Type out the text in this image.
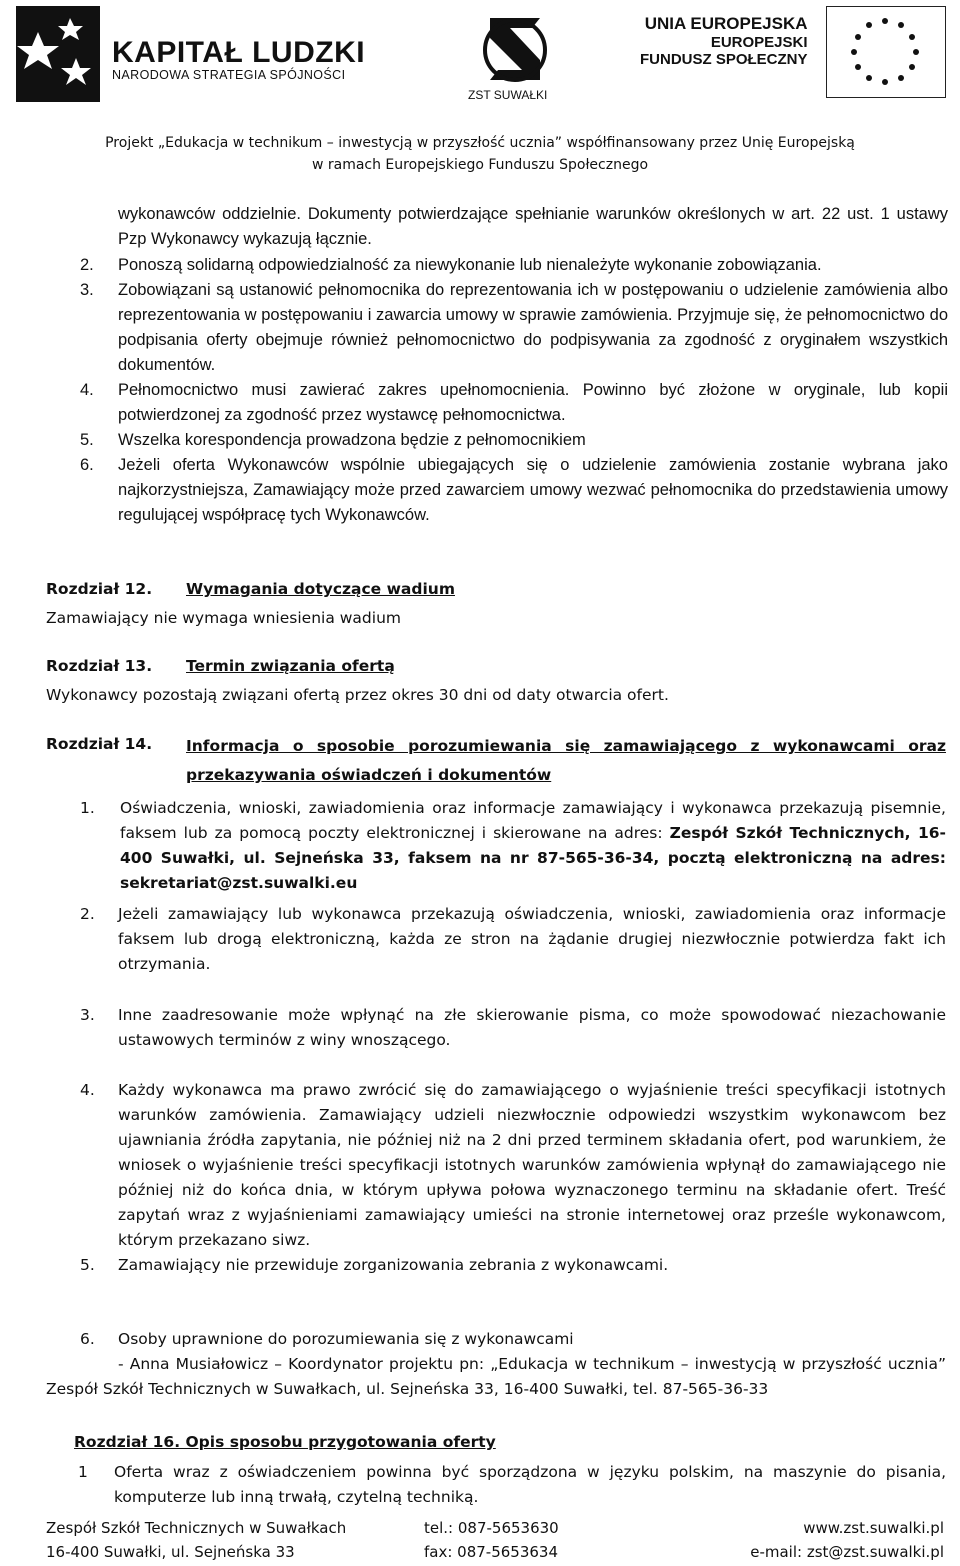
KAPITAŁ LUDZKI
NARODOWA STRATEGIA SPÓJNOŚCI
ZST SUWAŁKI
UNIA EUROPEJSKA
EUROPEJSKI
FUNDUSZ SPOŁECZNY
Projekt „Edukacja w technikum – inwestycją w przyszłość ucznia” współfinansowany przez Unię Europejską
w ramach Europejskiego Funduszu Społecznego
wykonawców oddzielnie. Dokumenty potwierdzające spełnianie warunków określonych w art. 22 ust. 1 ustawy Pzp Wykonawcy wykazują łącznie.
2. Ponoszą solidarną odpowiedzialność za niewykonanie lub nienależyte wykonanie zobowiązania.
3. Zobowiązani są ustanowić pełnomocnika do reprezentowania ich w postępowaniu o udzielenie zamówienia albo reprezentowania w postępowaniu i zawarcia umowy w sprawie zamówienia. Przyjmuje się, że pełnomocnictwo do podpisania oferty obejmuje również pełnomocnictwo do podpisywania za zgodność z oryginałem wszystkich dokumentów.
4. Pełnomocnictwo musi zawierać zakres upełnomocnienia. Powinno być złożone w oryginale, lub kopii potwierdzonej za zgodność przez wystawcę pełnomocnictwa.
5. Wszelka korespondencja prowadzona będzie z pełnomocnikiem
6. Jeżeli oferta Wykonawców wspólnie ubiegających się o udzielenie zamówienia zostanie wybrana jako najkorzystniejsza, Zamawiający może przed zawarciem umowy wezwać pełnomocnika do przedstawienia umowy regulującej współpracę tych Wykonawców.
Rozdział 12. Wymagania dotyczące wadium
Zamawiający nie wymaga wniesienia wadium
Rozdział 13. Termin związania ofertą
Wykonawcy pozostają związani ofertą przez okres 30 dni od daty otwarcia ofert.
Rozdział 14. Informacja o sposobie porozumiewania się zamawiającego z wykonawcami oraz przekazywania oświadczeń i dokumentów
1. Oświadczenia, wnioski, zawiadomienia oraz informacje zamawiający i wykonawca przekazują pisemnie, faksem lub za pomocą poczty elektronicznej i skierowane na adres: Zespół Szkół Technicznych, 16-400 Suwałki, ul. Sejneńska 33, faksem na nr 87-565-36-34, pocztą elektroniczną na adres: sekretariat@zst.suwalki.eu
2. Jeżeli zamawiający lub wykonawca przekazują oświadczenia, wnioski, zawiadomienia oraz informacje faksem lub drogą elektroniczną, każda ze stron na żądanie drugiej niezwłocznie potwierdza fakt ich otrzymania.
3. Inne zaadresowanie może wpłynąć na złe skierowanie pisma, co może spowodować niezachowanie ustawowych terminów z winy wnoszącego.
4. Każdy wykonawca ma prawo zwrócić się do zamawiającego o wyjaśnienie treści specyfikacji istotnych warunków zamówienia. Zamawiający udzieli niezwłocznie odpowiedzi wszystkim wykonawcom bez ujawniania źródła zapytania, nie później niż na 2 dni przed terminem składania ofert, pod warunkiem, że wniosek o wyjaśnienie treści specyfikacji istotnych warunków zamówienia wpłynął do zamawiającego nie później niż do końca dnia, w którym upływa połowa wyznaczonego terminu na składanie ofert. Treść zapytań wraz z wyjaśnieniami zamawiający umieści na stronie internetowej oraz prześle wykonawcom, którym przekazano siwz.
5. Zamawiający nie przewiduje zorganizowania zebrania z wykonawcami.
6. Osoby uprawnione do porozumiewania się z wykonawcami
- Anna Musiałowicz – Koordynator projektu pn: „Edukacja w technikum – inwestycją w przyszłość ucznia” Zespół Szkół Technicznych w Suwałkach, ul. Sejneńska 33, 16-400 Suwałki, tel. 87-565-36-33
Rozdział 16. Opis sposobu przygotowania oferty
1 Oferta wraz z oświadczeniem powinna być sporządzona w języku polskim, na maszynie do pisania, komputerze lub inną trwałą, czytelną techniką.
Zespół Szkół Technicznych w Suwałkach
16-400 Suwałki, ul. Sejneńska 33
tel.: 087-5653630
fax: 087-5653634
www.zst.suwalki.pl
e-mail: zst@zst.suwalki.pl
